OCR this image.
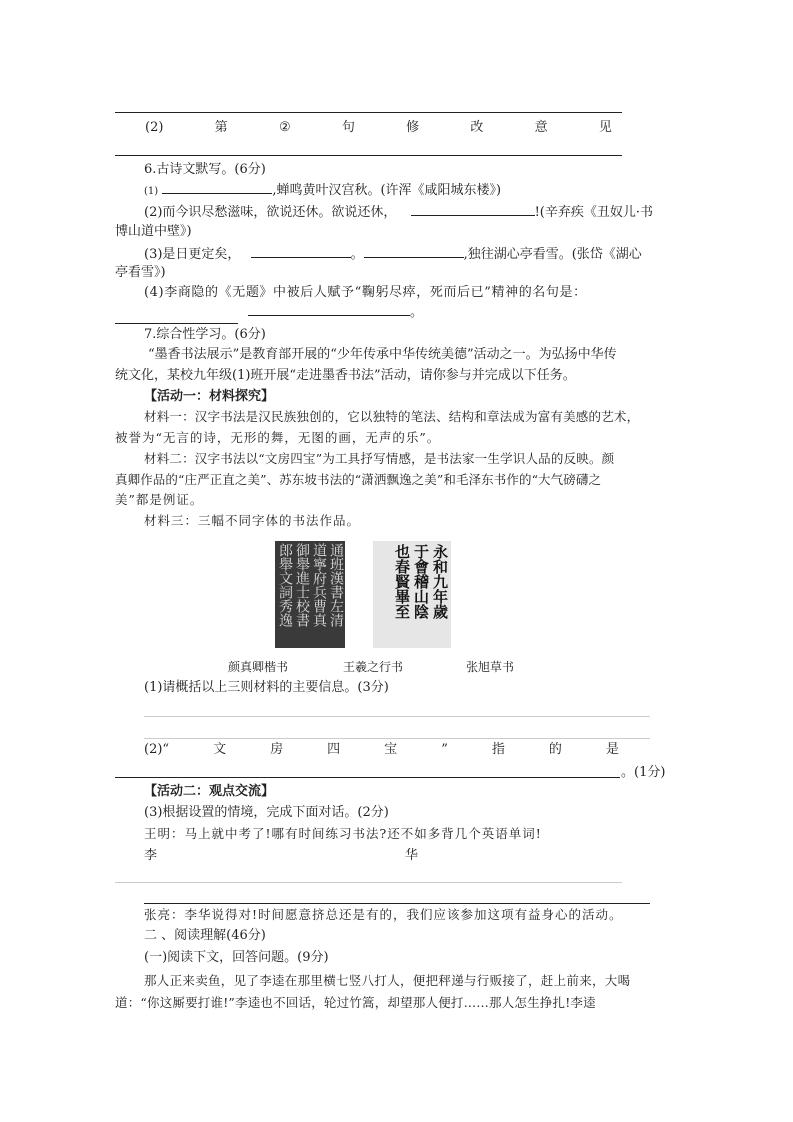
(2)	第	②	句	修	改	意	见
6.古诗文默写。(6分)
(1)	,蝉鸣黄叶汉宫秋。(许浑《咸阳城东楼》)
(2)而今识尽愁滋味，欲说还休。欲说还休，	!(辛弃疾《丑奴儿·书
博山道中壁》)
(3)是日更定矣，	。	,独往湖心亭看雪。(张岱《湖心
亭看雪》)
(4)李商隐的《无题》中被后人赋予“鞠躬尽瘁，死而后已”精神的名句是：
。
7.综合性学习。(6分)
“墨香书法展示”是教育部开展的“少年传承中华传统美德”活动之一。为弘扬中华传
统文化，某校九年级(1)班开展“走进墨香书法”活动，请你参与并完成以下任务。
【活动一：材料探究】
材料一：汉字书法是汉民族独创的，它以独特的笔法、结构和章法成为富有美感的艺术，
被誉为“无言的诗，无形的舞，无图的画，无声的乐”。
材料二：汉字书法以“文房四宝”为工具抒写情感，是书法家一生学识人品的反映。颜
真卿作品的“庄严正直之美”、苏东坡书法的“潇洒飘逸之美”和毛泽东书作的“大气磅礴之
美”都是例证。
材料三：三幅不同字体的书法作品。
通班漢書左清
道寧府兵曹真
御舉進士校書
郎舉文詞秀逸	永和九年歲
于會稽山陰
也春賢畢至
颜真卿楷书	王羲之行书	张旭草书
(1)请概括以上三则材料的主要信息。(3分)
(2)“	文	房	四	宝	”	指	的	是
。(1分)
【活动二：观点交流】
(3)根据设置的情境，完成下面对话。(2分)
王明：马上就中考了!哪有时间练习书法?还不如多背几个英语单词!
李	华
张亮：李华说得对!时间愿意挤总还是有的，我们应该参加这项有益身心的活动。
二 、阅读理解(46分)
(一)阅读下文，回答问题。(9分)
那人正来卖鱼，见了李逵在那里横七竖八打人，便把秤递与行贩接了，赶上前来，大喝
道：“你这厮要打谁!”李逵也不回话，轮过竹篙，却望那人便打……那人怎生挣扎!李逵
